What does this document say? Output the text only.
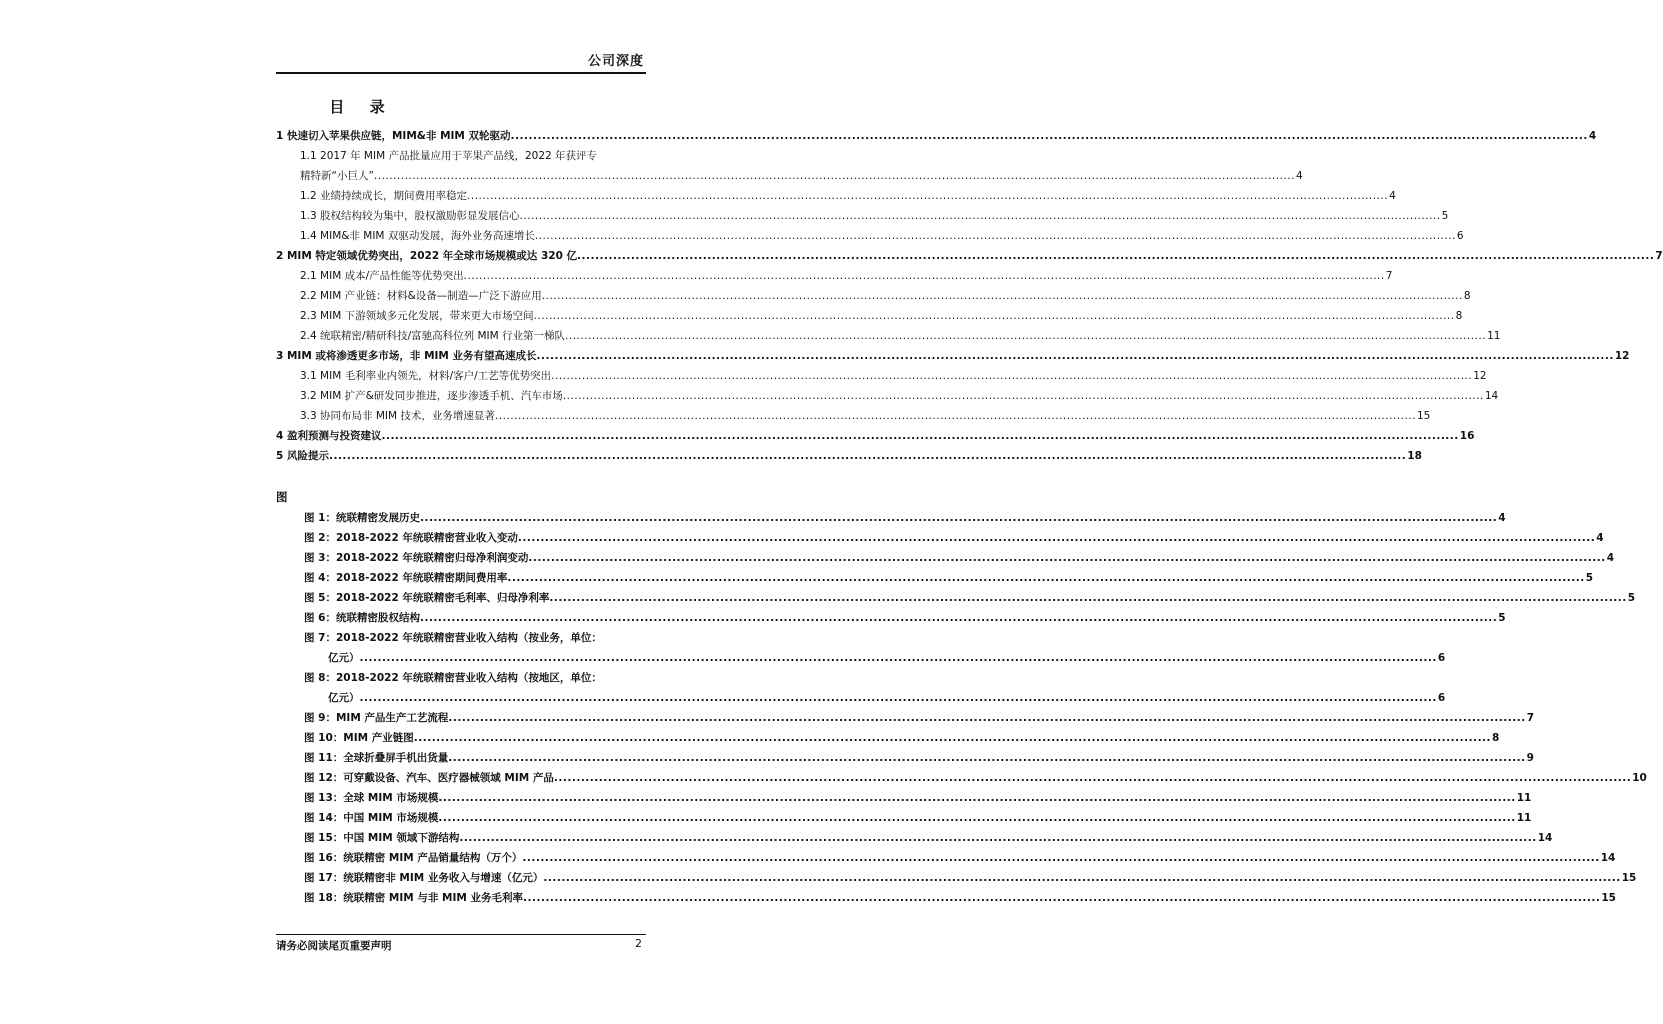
公司深度
目 录
1 快速切入苹果供应链，MIM&非 MIM 双轮驱动 .....	4
1.1 2017 年 MIM 产品批量应用于苹果产品线，2022 年获评专
精特新“小巨人” .....	4
1.2 业绩持续成长，期间费用率稳定 .....	4
1.3 股权结构较为集中，股权激励彰显发展信心 .....	5
1.4 MIM&非 MIM 双驱动发展，海外业务高速增长 .....	6
2 MIM 特定领域优势突出，2022 年全球市场规模或达 320 亿 .....	7
2.1 MIM 成本/产品性能等优势突出 .....	7
2.2 MIM 产业链：材料&设备—制造—广泛下游应用 .....	8
2.3 MIM 下游领域多元化发展，带来更大市场空间 .....	8
2.4 统联精密/精研科技/富驰高科位列 MIM 行业第一梯队 .....	11
3 MIM 或将渗透更多市场，非 MIM 业务有望高速成长 .....	12
3.1 MIM 毛利率业内领先，材料/客户/工艺等优势突出 .....	12
3.2 MIM 扩产&研发同步推进，逐步渗透手机、汽车市场 .....	14
3.3 协同布局非 MIM 技术，业务增速显著 .....	15
4 盈利预测与投资建议 .....	16
5 风险提示 .....	18
图
图 1：统联精密发展历史 .....	4
图 2：2018-2022 年统联精密营业收入变动 .....	4
图 3：2018-2022 年统联精密归母净利润变动 .....	4
图 4：2018-2022 年统联精密期间费用率 .....	5
图 5：2018-2022 年统联精密毛利率、归母净利率 .....	5
图 6：统联精密股权结构 .....	5
图 7：2018-2022 年统联精密营业收入结构（按业务，单位：
亿元） .....	6
图 8：2018-2022 年统联精密营业收入结构（按地区，单位：
亿元） .....	6
图 9：MIM 产品生产工艺流程 .....	7
图 10：MIM 产业链图 .....	8
图 11：全球折叠屏手机出货量 .....	9
图 12：可穿戴设备、汽车、医疗器械领域 MIM 产品 .....	10
图 13：全球 MIM 市场规模 .....	11
图 14：中国 MIM 市场规模 .....	11
图 15：中国 MIM 领域下游结构 .....	14
图 16：统联精密 MIM 产品销量结构（万个） .....	14
图 17：统联精密非 MIM 业务收入与增速（亿元） .....	15
图 18：统联精密 MIM 与非 MIM 业务毛利率 .....	15
请务必阅读尾页重要声明	2
